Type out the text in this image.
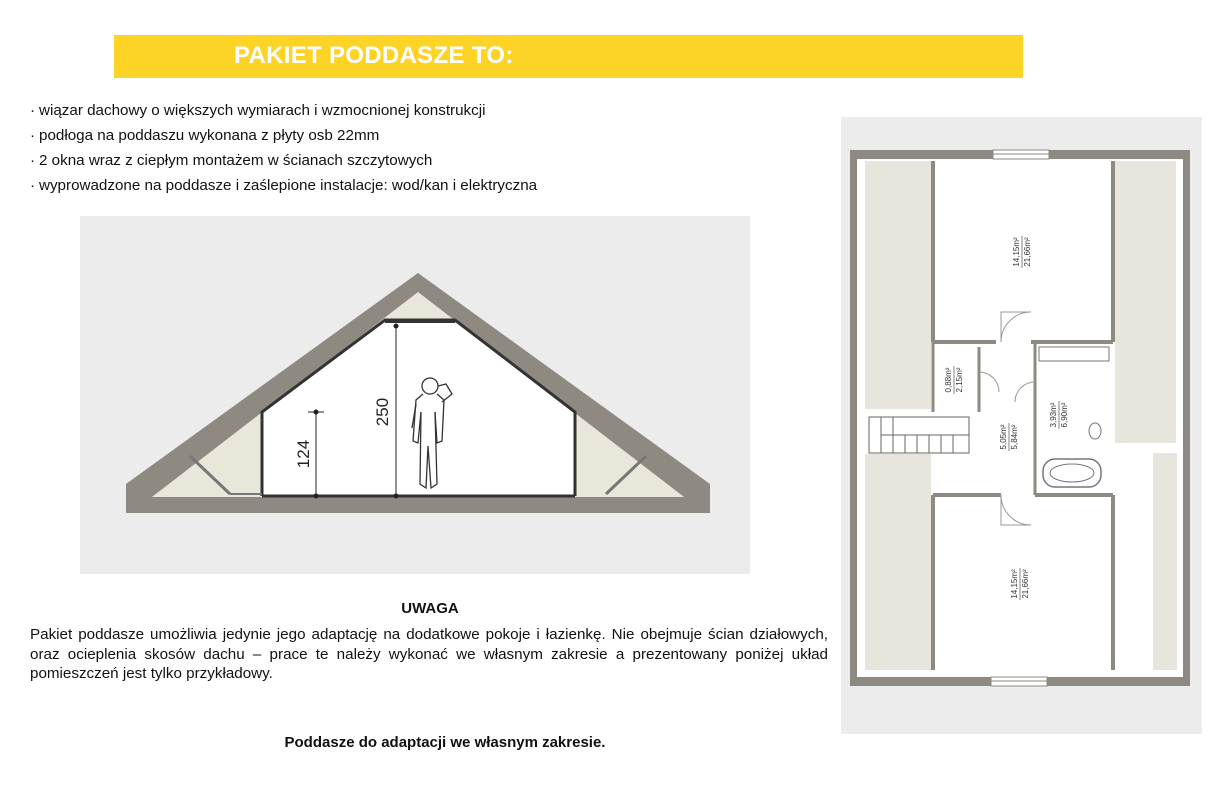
PAKIET PODDASZE TO:
· wiązar dachowy o większych wymiarach i wzmocnionej konstrukcji
· podłoga na poddaszu wykonana z płyty osb 22mm
· 2 okna wraz z ciepłym montażem w ścianach szczytowych
· wyprowadzone na poddasze i zaślepione instalacje: wod/kan i elektryczna
250
124
14,15m² 21,66m²
0,88m² 2,15m²
5,05m² 5,84m²
3,93m² 6,90m²
14,15m² 21,66m²
UWAGA

Pakiet poddasze umożliwia jedynie jego adaptację na dodatkowe pokoje i łazienkę. Nie obejmuje ścian działowych, oraz ocieplenia skosów dachu – prace te należy wykonać we własnym zakresie a prezentowany poniżej układ pomieszczeń jest tylko przykładowy.

Poddasze do adaptacji we własnym zakresie.
